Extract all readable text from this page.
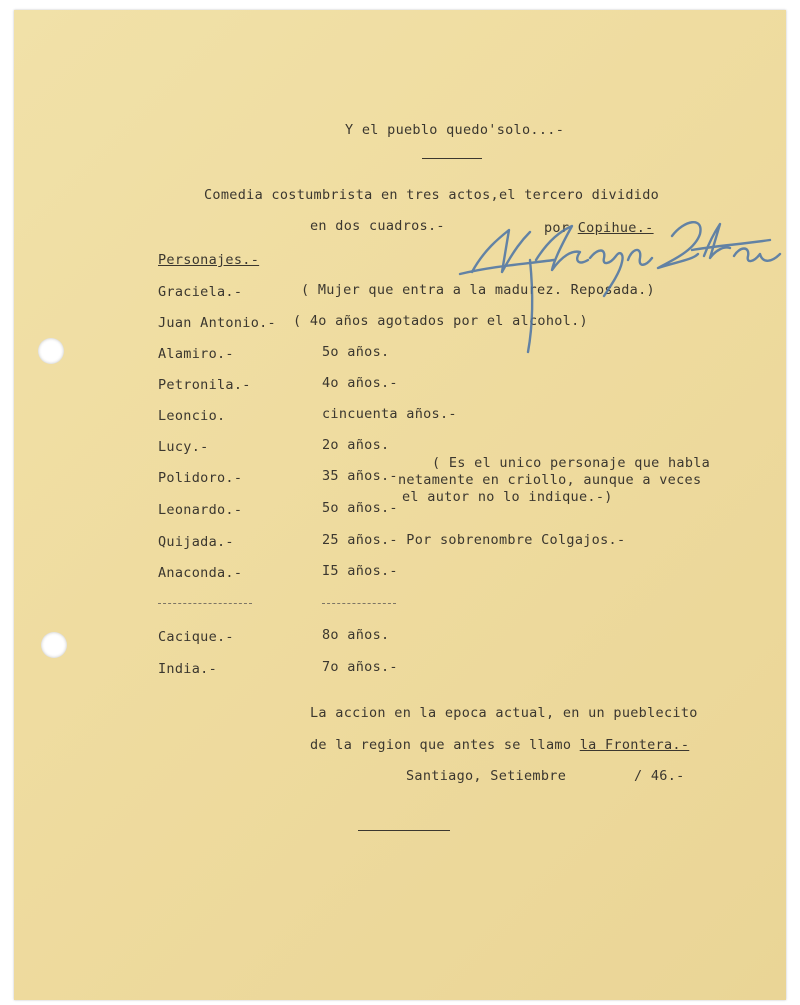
Y el pueblo quedo'solo...-
Comedia costumbrista en tres actos,el tercero dividido
en dos cuadros.-	por Copihue.-
Personajes.-
Graciela.-	( Mujer que entra a la madurez. Reposada.)
Juan Antonio.- ( 4o años agotados por el alcohol.)
Alamiro.-	5o años.
Petronila.-	4o años.-
Leoncio.	cincuenta años.-
Lucy.-	2o años.
Polidoro.-	35 años.-
( Es el unico personaje que habla
netamente en criollo, aunque a veces
el autor no lo indique.-)
Leonardo.-	5o años.-
Quijada.-	25 años.- Por sobrenombre Colgajos.-
Anaconda.-	I5 años.-
Cacique.-	8o años.
India.-	7o años.-
La accion en la epoca actual, en un pueblecito
de la region que antes se llamo la Frontera.-
Santiago, Setiembre	/ 46.-
